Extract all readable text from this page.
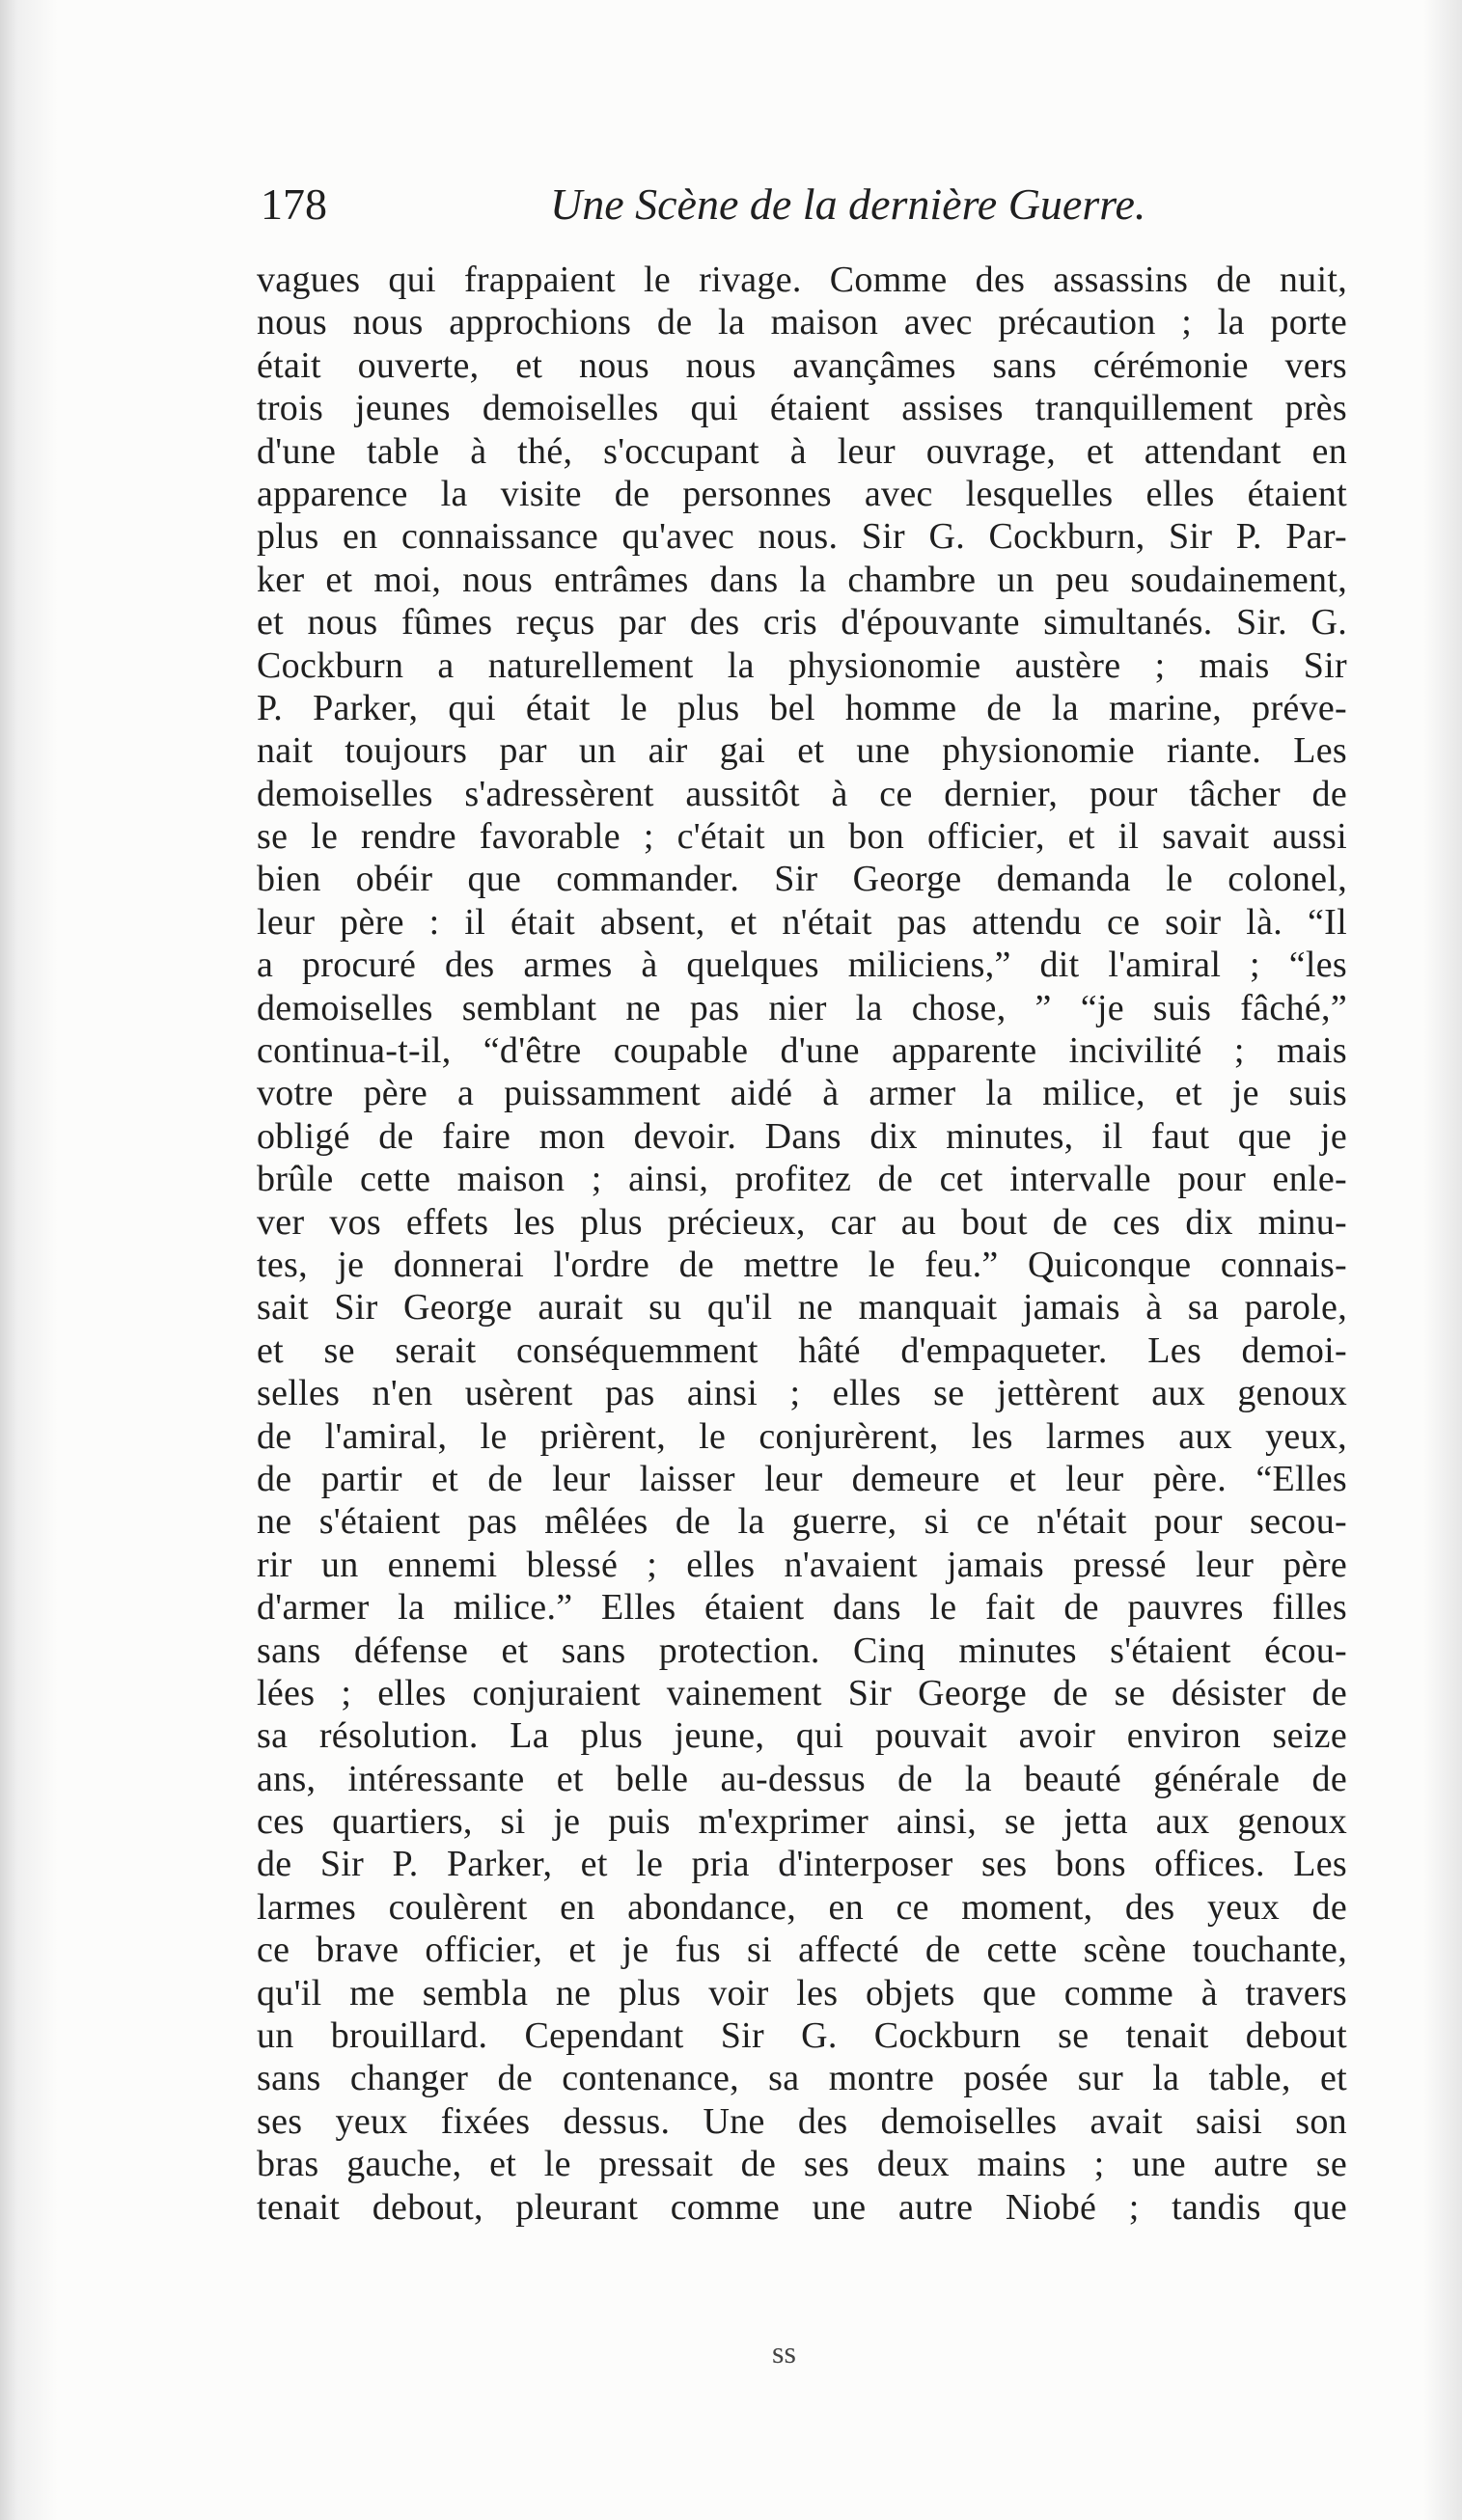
178	Une Scène de la dernière Guerre.
vagues qui frappaient le rivage. Comme des assassins de nuit,
nous nous approchions de la maison avec précaution ; la porte
était ouverte, et nous nous avançâmes sans cérémonie vers
trois jeunes demoiselles qui étaient assises tranquillement près
d'une table à thé, s'occupant à leur ouvrage, et attendant en
apparence la visite de personnes avec lesquelles elles étaient
plus en connaissance qu'avec nous. Sir G. Cockburn, Sir P. Par-
ker et moi, nous entrâmes dans la chambre un peu soudainement,
et nous fûmes reçus par des cris d'épouvante simultanés. Sir. G.
Cockburn a naturellement la physionomie austère ; mais Sir
P. Parker, qui était le plus bel homme de la marine, préve-
nait toujours par un air gai et une physionomie riante. Les
demoiselles s'adressèrent aussitôt à ce dernier, pour tâcher de
se le rendre favorable ; c'était un bon officier, et il savait aussi
bien obéir que commander. Sir George demanda le colonel,
leur père : il était absent, et n'était pas attendu ce soir là. “Il
a procuré des armes à quelques miliciens,” dit l'amiral ; “les
demoiselles semblant ne pas nier la chose, ” “je suis fâché,”
continua-t-il, “d'être coupable d'une apparente incivilité ; mais
votre père a puissamment aidé à armer la milice, et je suis
obligé de faire mon devoir. Dans dix minutes, il faut que je
brûle cette maison ; ainsi, profitez de cet intervalle pour enle-
ver vos effets les plus précieux, car au bout de ces dix minu-
tes, je donnerai l'ordre de mettre le feu.” Quiconque connais-
sait Sir George aurait su qu'il ne manquait jamais à sa parole,
et se serait conséquemment hâté d'empaqueter. Les demoi-
selles n'en usèrent pas ainsi ; elles se jettèrent aux genoux
de l'amiral, le prièrent, le conjurèrent, les larmes aux yeux,
de partir et de leur laisser leur demeure et leur père. “Elles
ne s'étaient pas mêlées de la guerre, si ce n'était pour secou-
rir un ennemi blessé ; elles n'avaient jamais pressé leur père
d'armer la milice.” Elles étaient dans le fait de pauvres filles
sans défense et sans protection. Cinq minutes s'étaient écou-
lées ; elles conjuraient vainement Sir George de se désister de
sa résolution. La plus jeune, qui pouvait avoir environ seize
ans, intéressante et belle au-dessus de la beauté générale de
ces quartiers, si je puis m'exprimer ainsi, se jetta aux genoux
de Sir P. Parker, et le pria d'interposer ses bons offices. Les
larmes coulèrent en abondance, en ce moment, des yeux de
ce brave officier, et je fus si affecté de cette scène touchante,
qu'il me sembla ne plus voir les objets que comme à travers
un brouillard. Cependant Sir G. Cockburn se tenait debout
sans changer de contenance, sa montre posée sur la table, et
ses yeux fixées dessus. Une des demoiselles avait saisi son
bras gauche, et le pressait de ses deux mains ; une autre se
tenait debout, pleurant comme une autre Niobé ; tandis que
ss
